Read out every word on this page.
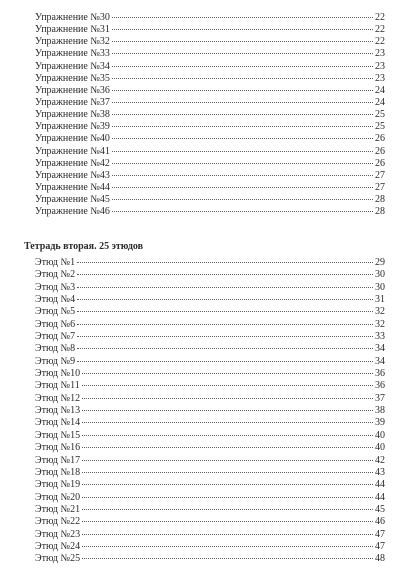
Упражнение №30	22
Упражнение №31	22
Упражнение №32	22
Упражнение №33	23
Упражнение №34	23
Упражнение №35	23
Упражнение №36	24
Упражнение №37	24
Упражнение №38	25
Упражнение №39	25
Упражнение №40	26
Упражнение №41	26
Упражнение №42	26
Упражнение №43	27
Упражнение №44	27
Упражнение №45	28
Упражнение №46	28
Тетрадь вторая. 25 этюдов
Этюд №1	29
Этюд №2	30
Этюд №3	30
Этюд №4	31
Этюд №5	32
Этюд №6	32
Этюд №7	33
Этюд №8	34
Этюд №9	34
Этюд №10	36
Этюд №11	36
Этюд №12	37
Этюд №13	38
Этюд №14	39
Этюд №15	40
Этюд №16	40
Этюд №17	42
Этюд №18	43
Этюд №19	44
Этюд №20	44
Этюд №21	45
Этюд №22	46
Этюд №23	47
Этюд №24	47
Этюд №25	48
